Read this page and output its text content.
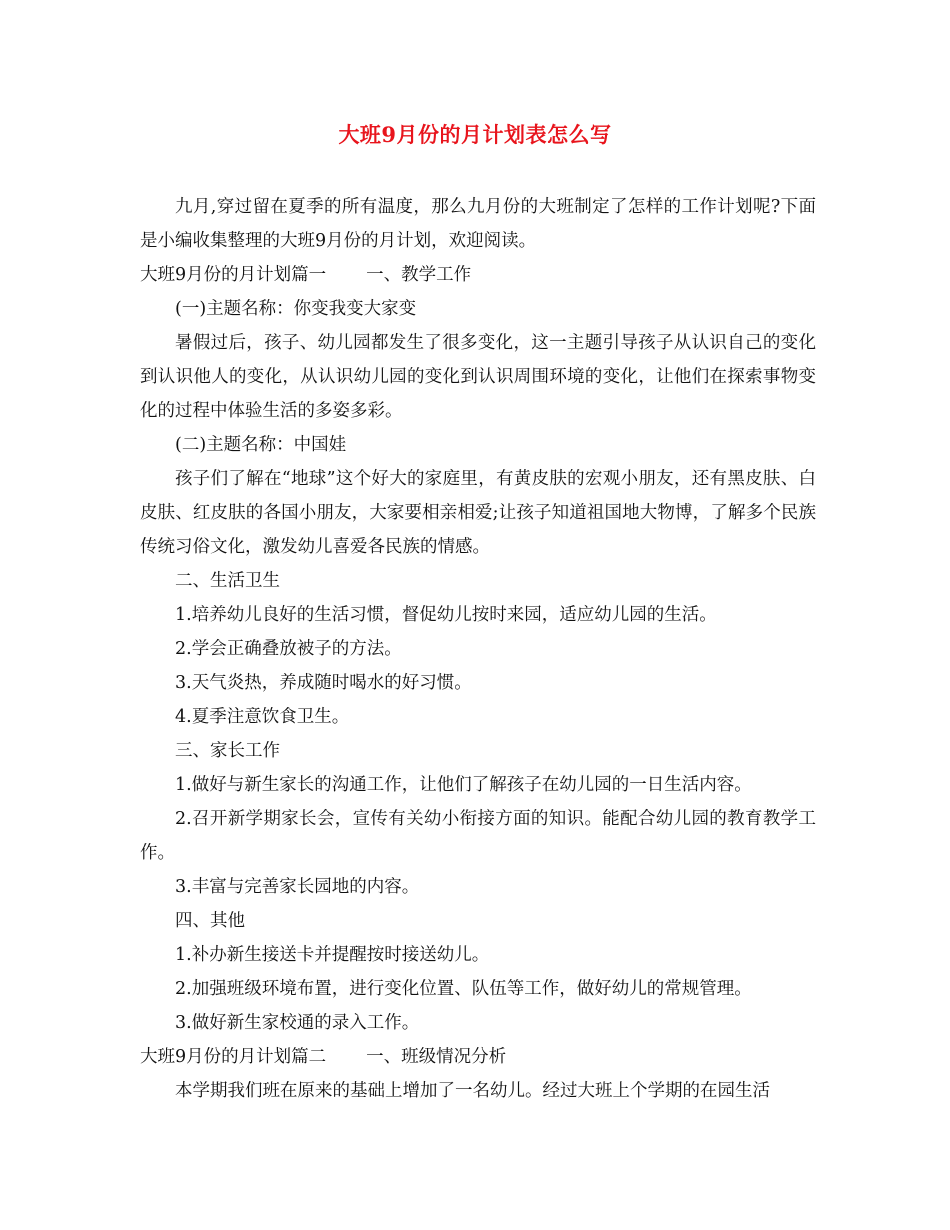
大班9月份的月计划表怎么写

九月,穿过留在夏季的所有温度，那么九月份的大班制定了怎样的工作计划呢?下面是小编收集整理的大班9月份的月计划，欢迎阅读。

大班9月份的月计划篇一 一、教学工作

(一)主题名称：你变我变大家变

暑假过后，孩子、幼儿园都发生了很多变化，这一主题引导孩子从认识自己的变化到认识他人的变化，从认识幼儿园的变化到认识周围环境的变化，让他们在探索事物变化的过程中体验生活的多姿多彩。

(二)主题名称：中国娃

孩子们了解在“地球”这个好大的家庭里，有黄皮肤的宏观小朋友，还有黑皮肤、白皮肤、红皮肤的各国小朋友，大家要相亲相爱;让孩子知道祖国地大物博，了解多个民族传统习俗文化，激发幼儿喜爱各民族的情感。

二、生活卫生

1.培养幼儿良好的生活习惯，督促幼儿按时来园，适应幼儿园的生活。

2.学会正确叠放被子的方法。

3.天气炎热，养成随时喝水的好习惯。

4.夏季注意饮食卫生。

三、家长工作

1.做好与新生家长的沟通工作，让他们了解孩子在幼儿园的一日生活内容。

2.召开新学期家长会，宣传有关幼小衔接方面的知识。能配合幼儿园的教育教学工作。

3.丰富与完善家长园地的内容。

四、其他

1.补办新生接送卡并提醒按时接送幼儿。

2.加强班级环境布置，进行变化位置、队伍等工作，做好幼儿的常规管理。

3.做好新生家校通的录入工作。

大班9月份的月计划篇二 一、班级情况分析

本学期我们班在原来的基础上增加了一名幼儿。经过大班上个学期的在园生活
